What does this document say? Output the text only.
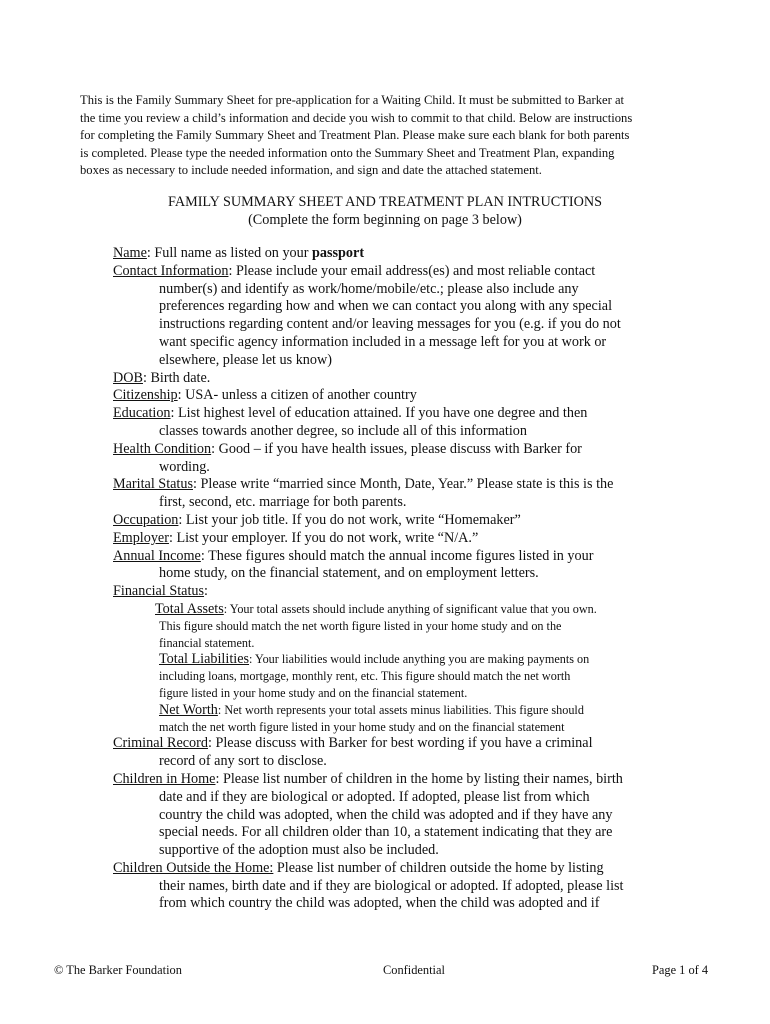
This is the Family Summary Sheet for pre-application for a Waiting Child. It must be submitted to Barker at
the time you review a child’s information and decide you wish to commit to that child. Below are instructions
for completing the Family Summary Sheet and Treatment Plan. Please make sure each blank for both parents
is completed. Please type the needed information onto the Summary Sheet and Treatment Plan, expanding
boxes as necessary to include needed information, and sign and date the attached statement.
FAMILY SUMMARY SHEET AND TREATMENT PLAN INTRUCTIONS
(Complete the form beginning on page 3 below)
Name: Full name as listed on your passport
Contact Information: Please include your email address(es) and most reliable contact
number(s) and identify as work/home/mobile/etc.; please also include any
preferences regarding how and when we can contact you along with any special
instructions regarding content and/or leaving messages for you (e.g. if you do not
want specific agency information included in a message left for you at work or
elsewhere, please let us know)
DOB: Birth date.
Citizenship: USA- unless a citizen of another country
Education: List highest level of education attained. If you have one degree and then
classes towards another degree, so include all of this information
Health Condition: Good – if you have health issues, please discuss with Barker for
wording.
Marital Status: Please write “married since Month, Date, Year.” Please state is this is the
first, second, etc. marriage for both parents.
Occupation: List your job title. If you do not work, write “Homemaker”
Employer: List your employer. If you do not work, write “N/A.”
Annual Income: These figures should match the annual income figures listed in your
home study, on the financial statement, and on employment letters.
Financial Status:
Total Assets: Your total assets should include anything of significant value that you own.
This figure should match the net worth figure listed in your home study and on the
financial statement.
Total Liabilities: Your liabilities would include anything you are making payments on
including loans, mortgage, monthly rent, etc. This figure should match the net worth
figure listed in your home study and on the financial statement.
Net Worth: Net worth represents your total assets minus liabilities. This figure should
match the net worth figure listed in your home study and on the financial statement
Criminal Record: Please discuss with Barker for best wording if you have a criminal
record of any sort to disclose.
Children in Home: Please list number of children in the home by listing their names, birth
date and if they are biological or adopted. If adopted, please list from which
country the child was adopted, when the child was adopted and if they have any
special needs. For all children older than 10, a statement indicating that they are
supportive of the adoption must also be included.
Children Outside the Home: Please list number of children outside the home by listing
their names, birth date and if they are biological or adopted. If adopted, please list
from which country the child was adopted, when the child was adopted and if
© The Barker Foundation	Confidential	Page 1 of 4
